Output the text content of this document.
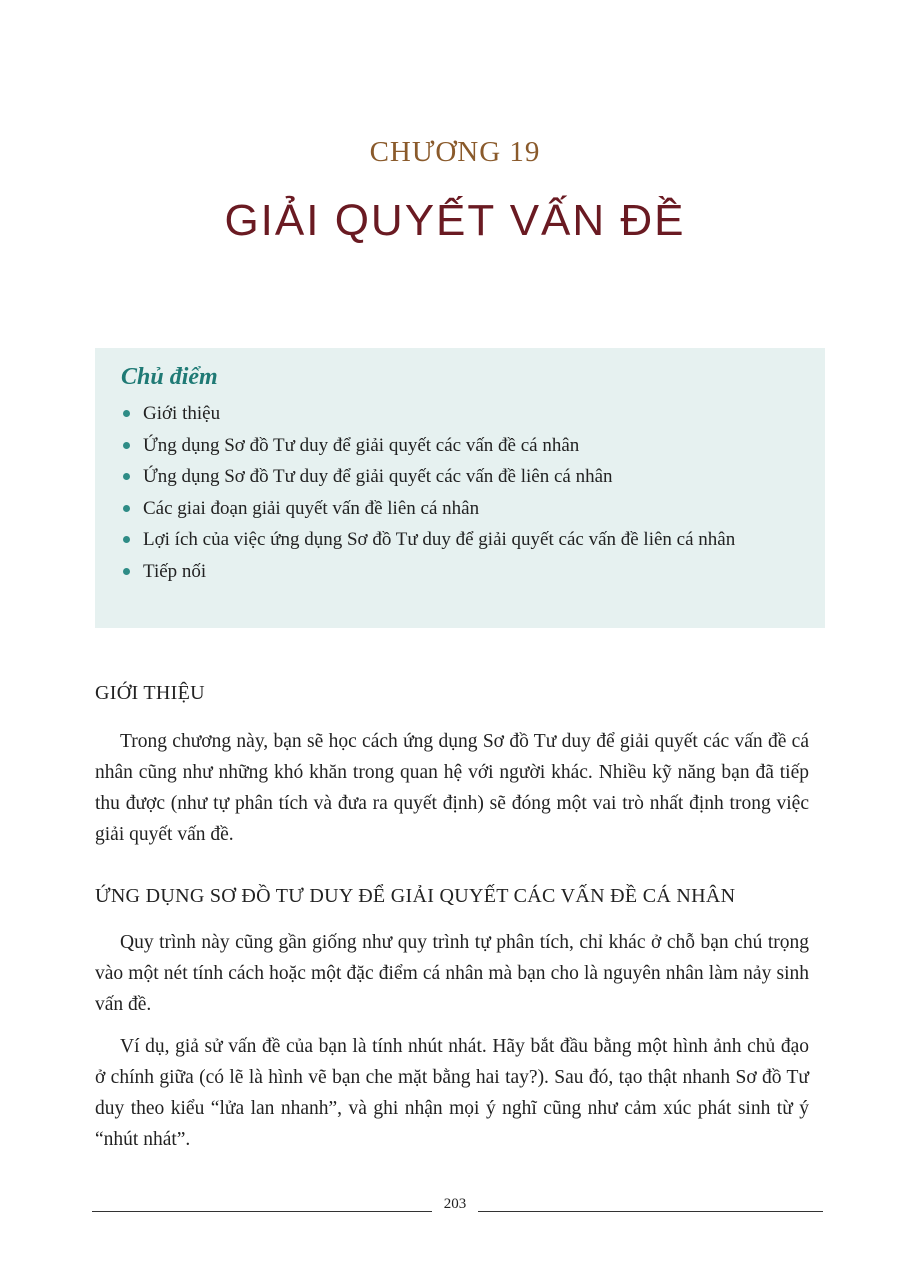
CHƯƠNG 19
GIẢI QUYẾT VẤN ĐỀ
Chủ điểm
Giới thiệu
Ứng dụng Sơ đồ Tư duy để giải quyết các vấn đề cá nhân
Ứng dụng Sơ đồ Tư duy để giải quyết các vấn đề liên cá nhân
Các giai đoạn giải quyết vấn đề liên cá nhân
Lợi ích của việc ứng dụng Sơ đồ Tư duy để giải quyết các vấn đề liên cá nhân
Tiếp nối
GIỚI THIỆU

Trong chương này, bạn sẽ học cách ứng dụng Sơ đồ Tư duy để giải quyết các vấn đề cá nhân cũng như những khó khăn trong quan hệ với người khác. Nhiều kỹ năng bạn đã tiếp thu được (như tự phân tích và đưa ra quyết định) sẽ đóng một vai trò nhất định trong việc giải quyết vấn đề.

ỨNG DỤNG SƠ ĐỒ TƯ DUY ĐỂ GIẢI QUYẾT CÁC VẤN ĐỀ CÁ NHÂN

Quy trình này cũng gần giống như quy trình tự phân tích, chỉ khác ở chỗ bạn chú trọng vào một nét tính cách hoặc một đặc điểm cá nhân mà bạn cho là nguyên nhân làm nảy sinh vấn đề.

Ví dụ, giả sử vấn đề của bạn là tính nhút nhát. Hãy bắt đầu bằng một hình ảnh chủ đạo ở chính giữa (có lẽ là hình vẽ bạn che mặt bằng hai tay?). Sau đó, tạo thật nhanh Sơ đồ Tư duy theo kiểu “lửa lan nhanh”, và ghi nhận mọi ý nghĩ cũng như cảm xúc phát sinh từ ý “nhút nhát”.

203
